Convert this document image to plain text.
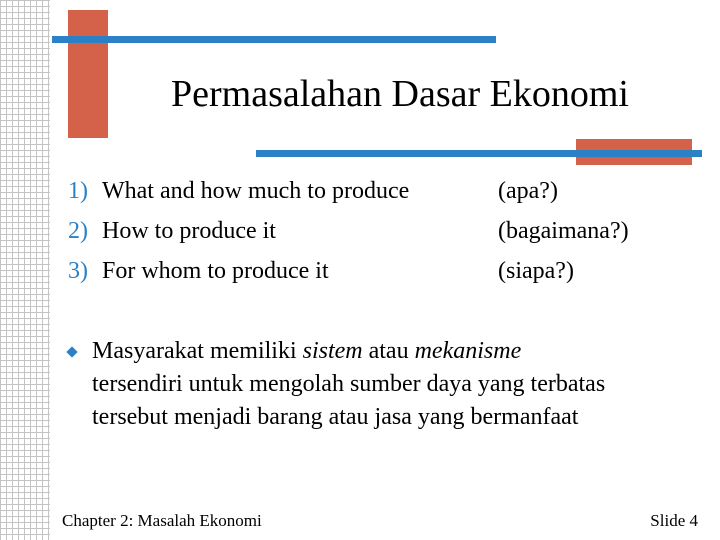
Permasalahan Dasar Ekonomi
1) What and how much to produce
2) How to produce it
3) For whom to produce it
(apa?)
(bagaimana?)
(siapa?)
Masyarakat memiliki sistem atau mekanisme
tersendiri untuk mengolah sumber daya yang terbatas
tersebut menjadi barang atau jasa yang bermanfaat
Chapter 2: Masalah Ekonomi	Slide 4
